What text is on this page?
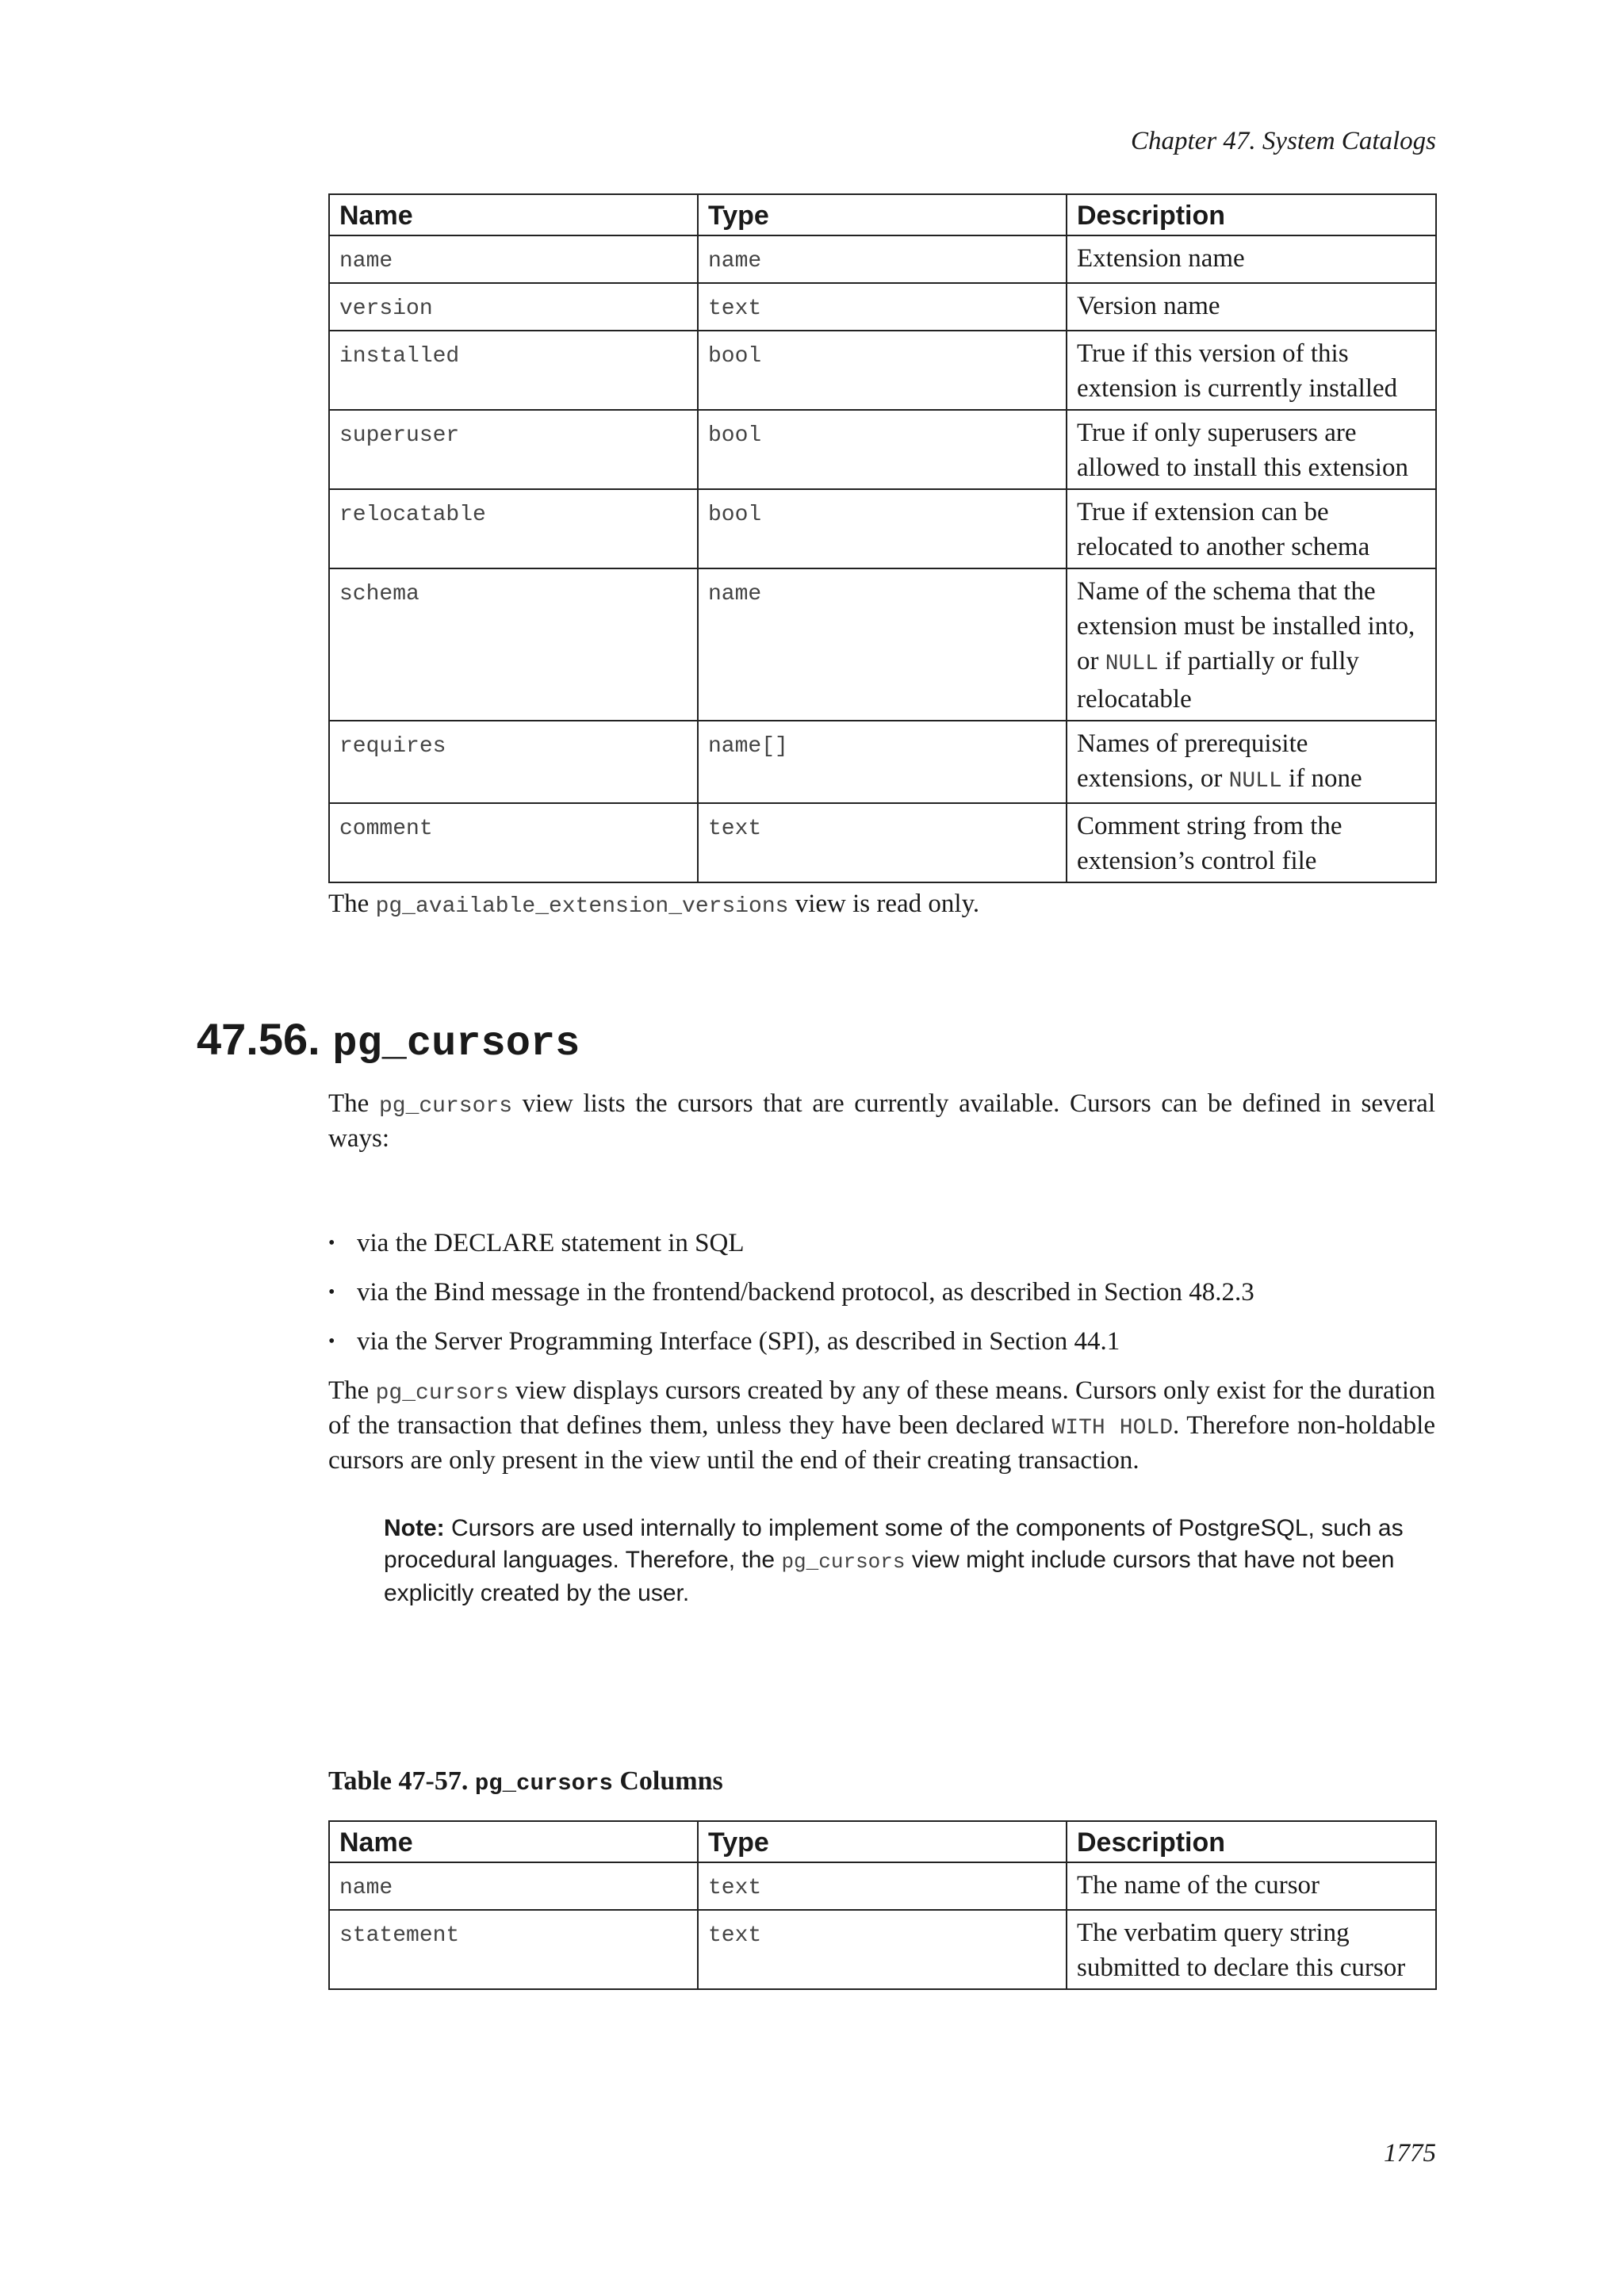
Chapter 47. System Catalogs
Name	Type	Description
name	name	Extension name
version	text	Version name
installed	bool	True if this version of this extension is currently installed
superuser	bool	True if only superusers are allowed to install this extension
relocatable	bool	True if extension can be relocated to another schema
schema	name	Name of the schema that the extension must be installed into, or NULL if partially or fully relocatable
requires	name[]	Names of prerequisite extensions, or NULL if none
comment	text	Comment string from the extension’s control file
The pg_available_extension_versions view is read only.
47.56. pg_cursors
The pg_cursors view lists the cursors that are currently available. Cursors can be defined in several ways:
• via the DECLARE statement in SQL
• via the Bind message in the frontend/backend protocol, as described in Section 48.2.3
• via the Server Programming Interface (SPI), as described in Section 44.1
The pg_cursors view displays cursors created by any of these means. Cursors only exist for the duration of the transaction that defines them, unless they have been declared WITH HOLD. Therefore non-holdable cursors are only present in the view until the end of their creating transaction.
Note: Cursors are used internally to implement some of the components of PostgreSQL, such as procedural languages. Therefore, the pg_cursors view might include cursors that have not been explicitly created by the user.
Table 47-57. pg_cursors Columns
Name	Type	Description
name	text	The name of the cursor
statement	text	The verbatim query string submitted to declare this cursor
1775
